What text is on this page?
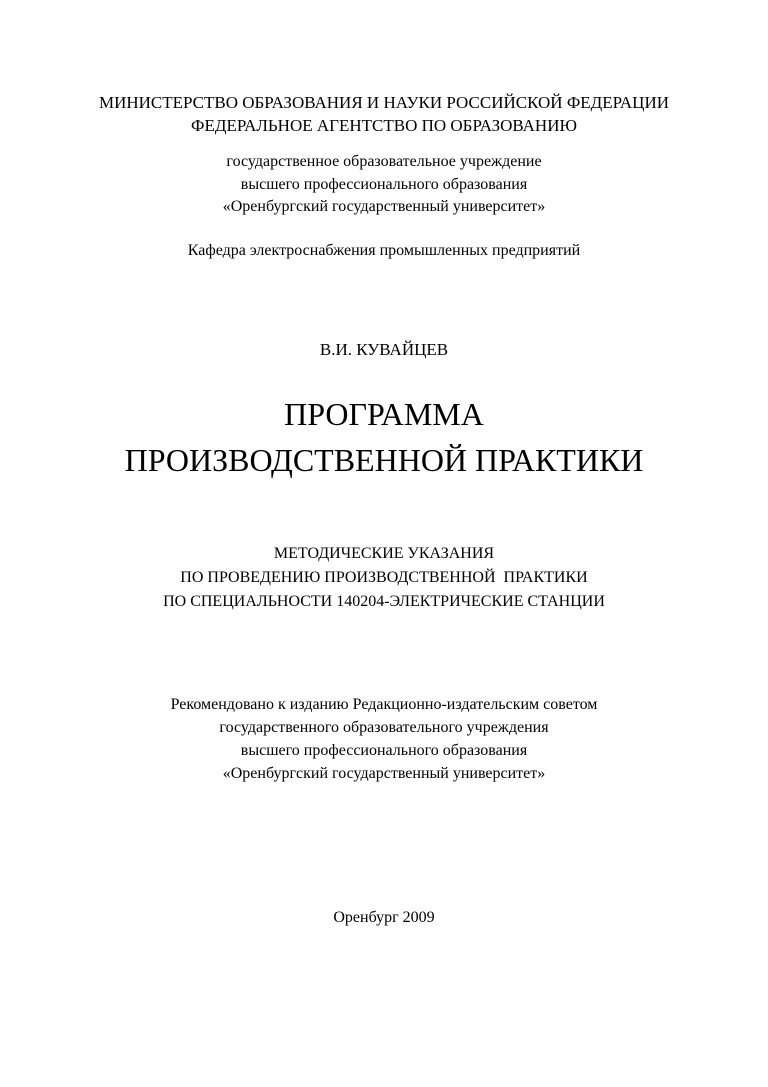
МИНИСТЕРСТВО ОБРАЗОВАНИЯ И НАУКИ РОССИЙСКОЙ ФЕДЕРАЦИИ
ФЕДЕРАЛЬНОЕ АГЕНТСТВО ПО ОБРАЗОВАНИЮ
государственное образовательное учреждение
высшего профессионального образования
«Оренбургский государственный университет»
Кафедра электроснабжения промышленных предприятий
В.И. КУВАЙЦЕВ
ПРОГРАММА
ПРОИЗВОДСТВЕННОЙ ПРАКТИКИ
МЕТОДИЧЕСКИЕ УКАЗАНИЯ
ПО ПРОВЕДЕНИЮ ПРОИЗВОДСТВЕННОЙ  ПРАКТИКИ
ПО СПЕЦИАЛЬНОСТИ 140204-ЭЛЕКТРИЧЕСКИЕ СТАНЦИИ
Рекомендовано к изданию Редакционно-издательским советом
государственного образовательного учреждения
высшего профессионального образования
«Оренбургский государственный университет»
Оренбург 2009
